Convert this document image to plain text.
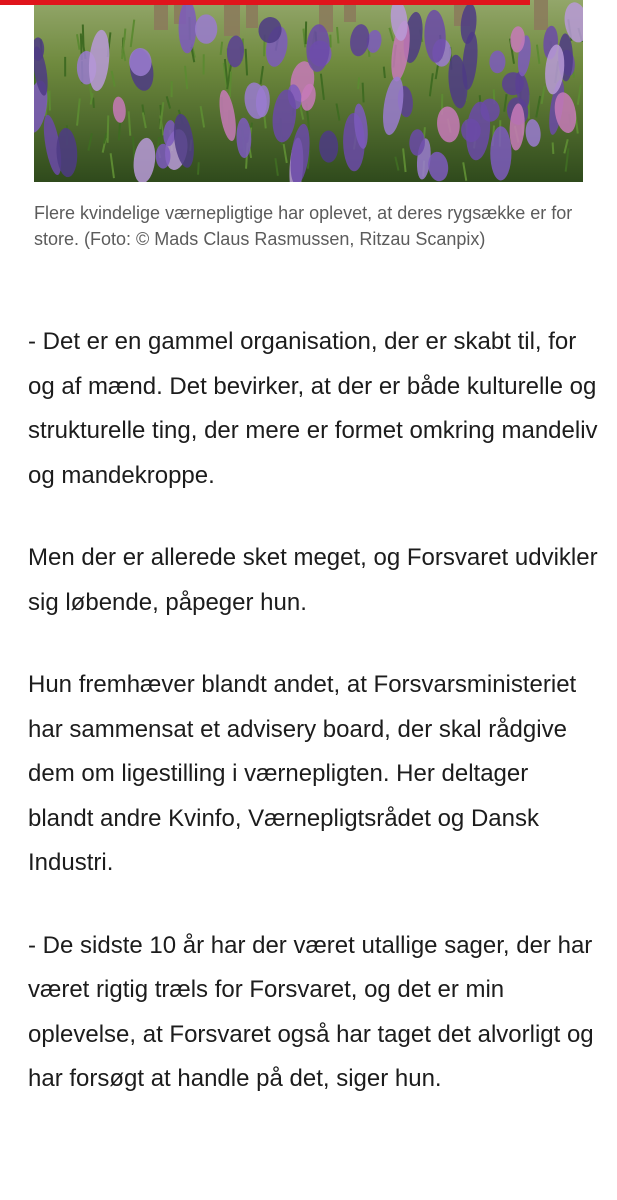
Flere kvindelige værnepligtige har oplevet, at deres rygsække er for store. (Foto: © Mads Claus Rasmussen, Ritzau Scanpix)

- Det er en gammel organisation, der er skabt til, for og af mænd. Det bevirker, at der er både kulturelle og strukturelle ting, der mere er formet omkring mandeliv og mandekroppe.

Men der er allerede sket meget, og Forsvaret udvikler sig løbende, påpeger hun.

Hun fremhæver blandt andet, at Forsvarsministeriet har sammensat et advisery board, der skal rådgive dem om ligestilling i værnepligten. Her deltager blandt andre Kvinfo, Værnepligtsrådet og Dansk Industri.

- De sidste 10 år har der været utallige sager, der har været rigtig træls for Forsvaret, og det er min oplevelse, at Forsvaret også har taget det alvorligt og har forsøgt at handle på det, siger hun.
